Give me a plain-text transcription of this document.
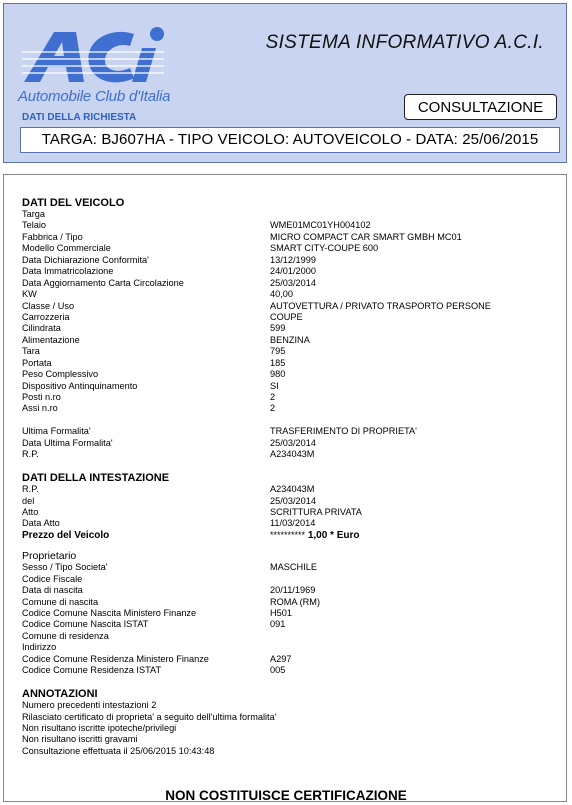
Automobile Club d'Italia
DATI DELLA RICHIESTA
SISTEMA INFORMATIVO A.C.I.
CONSULTAZIONE
TARGA: BJ607HA - TIPO VEICOLO: AUTOVEICOLO - DATA: 25/06/2015
DATI DEL VEICOLO
Targa
Telaio	WME01MC01YH004102
Fabbrica / Tipo	MICRO COMPACT CAR SMART GMBH MC01
Modello Commerciale	SMART CITY-COUPE 600
Data Dichiarazione Conformita'	13/12/1999
Data Immatricolazione	24/01/2000
Data Aggiornamento Carta Circolazione	25/03/2014
KW	40,00
Classe / Uso	AUTOVETTURA / PRIVATO TRASPORTO PERSONE
Carrozzeria	COUPE
Cilindrata	599
Alimentazione	BENZINA
Tara	795
Portata	185
Peso Complessivo	980
Dispositivo Antinquinamento	SI
Posti n.ro	2
Assi n.ro	2
Ultima Formalita'	TRASFERIMENTO DI PROPRIETA'
Data Ultima Formalita'	25/03/2014
R.P.	A234043M
DATI DELLA INTESTAZIONE
R.P.	A234043M
del	25/03/2014
Atto	SCRITTURA PRIVATA
Data Atto	11/03/2014
Prezzo del Veicolo	********** 1,00 * Euro
Proprietario
Sesso / Tipo Societa'	MASCHILE
Codice Fiscale
Data di nascita	20/11/1969
Comune di nascita	ROMA (RM)
Codice Comune Nascita Ministero Finanze	H501
Codice Comune Nascita ISTAT	091
Comune di residenza
Indirizzo
Codice Comune Residenza Ministero Finanze	A297
Codice Comune Residenza ISTAT	005
ANNOTAZIONI
Numero precedenti intestazioni 2
Rilasciato certificato di proprieta' a seguito dell'ultima formalita'
Non risultano iscritte ipoteche/privilegi
Non risultano iscritti gravami
Consultazione effettuata il 25/06/2015 10:43:48
NON COSTITUISCE CERTIFICAZIONE
